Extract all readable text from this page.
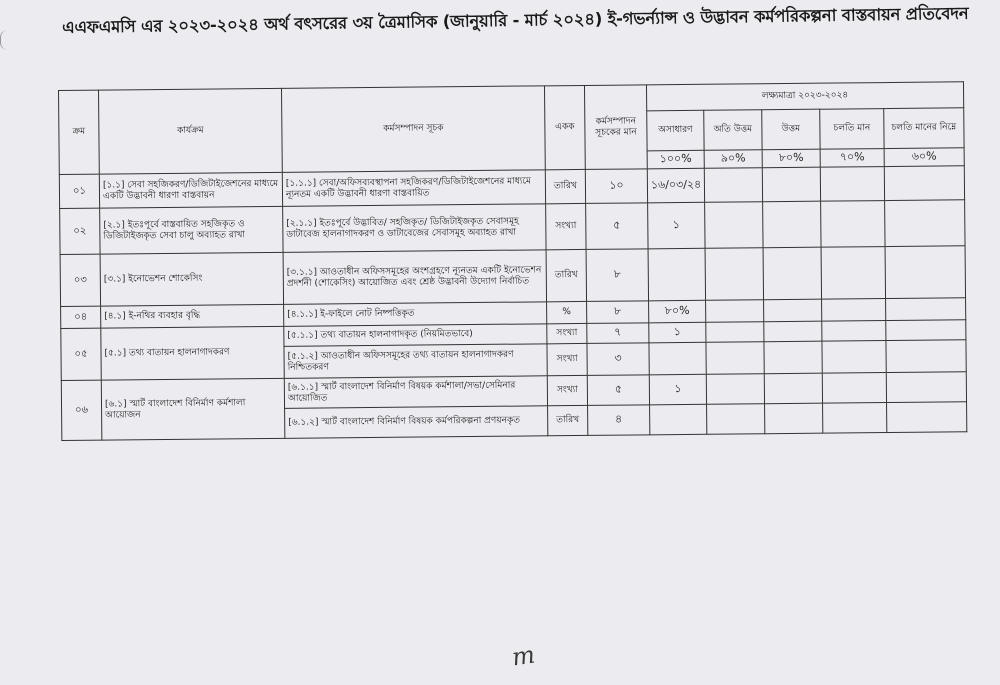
এএফএমসি এর ২০২৩-২০২৪ অর্থ বৎসরের ৩য় ত্রৈমাসিক (জানুয়ারি - মার্চ ২০২৪) ই-গভর্ন্যান্স ও উদ্ভাবন কর্মপরিকল্পনা বাস্তবায়ন প্রতিবেদন
ক্রম	কার্যক্রম	কর্মসম্পাদন সূচক	একক	কর্মসম্পাদন সূচকের মান	লক্ষ্যমাত্রা ২০২৩-২০২৪				
					অসাধারণ	অতি উত্তম	উত্তম	চলতি মান	চলতি মানের নিম্নে
					১০০%	৯০%	৮০%	৭০%	৬০%
০১	[১.১] সেবা সহজিকরণ/ডিজিটাইজেশনের মাধ্যমে একটি উদ্ভাবনী ধারণা বাস্তবায়ন	[১.১.১] সেবা/অফিসব্যবস্থাপনা সহজিকরণ/ডিজিটাইজেশনের মাধ্যমে ন্যূনতম একটি উদ্ভাবনী ধারণা বাস্তবায়িত	তারিখ	১০	১৬/০৩/২৪				
০২	[২.১] ইতঃপূর্বে বাস্তবায়িত সহজিকৃত ও ডিজিটাইজকৃত সেবা চালু অব্যাহত রাখা	[২.১.১] ইতঃপূর্বে উদ্ভাবিত/ সহজিকৃত/ ডিজিটাইজকৃত সেবাসমূহ ডাটাবেজ হালনাগাদকরণ ও ডাটাবেজের সেবাসমূহ অব্যাহত রাখা	সংখ্যা	৫	১				
০৩	[৩.১] ইনোভেশন শোকেসিং	[৩.১.১] আওতাধীন অফিসসমূহের অংশগ্রহণে ন্যূনতম একটি ইনোভেশন প্রদর্শনী (শোকেসিং) আয়োজিত এবং শ্রেষ্ঠ উদ্ভাবনী উদ্যোগ নির্বাচিত	তারিখ	৮					
০৪	[৪.১] ই-নথির ব্যবহার বৃদ্ধি	[৪.১.১] ই-ফাইলে নোট নিষ্পত্তিকৃত	%	৮	৮০%				
০৫	[৫.১] তথ্য বাতায়ন হালনাগাদকরণ	[৫.১.১] তথ্য বাতায়ন হালনাগাদকৃত (নিয়মিতভাবে)	সংখ্যা	৭	১				
		[৫.১.২] আওতাধীন অফিসসমূহের তথ্য বাতায়ন হালনাগাদকরণ নিশ্চিতকরণ	সংখ্যা	৩					
০৬	[৬.১] স্মার্ট বাংলাদেশ বিনির্মাণ কর্মশালা আয়োজন	[৬.১.১] স্মার্ট বাংলাদেশ বিনির্মাণ বিষয়ক কর্মশালা/সভা/সেমিনার আয়োজিত	সংখ্যা	৫	১				
		[৬.১.২] স্মার্ট বাংলাদেশ বিনির্মাণ বিষয়ক কর্মপরিকল্পনা প্রণয়নকৃত	তারিখ	৪					
m
